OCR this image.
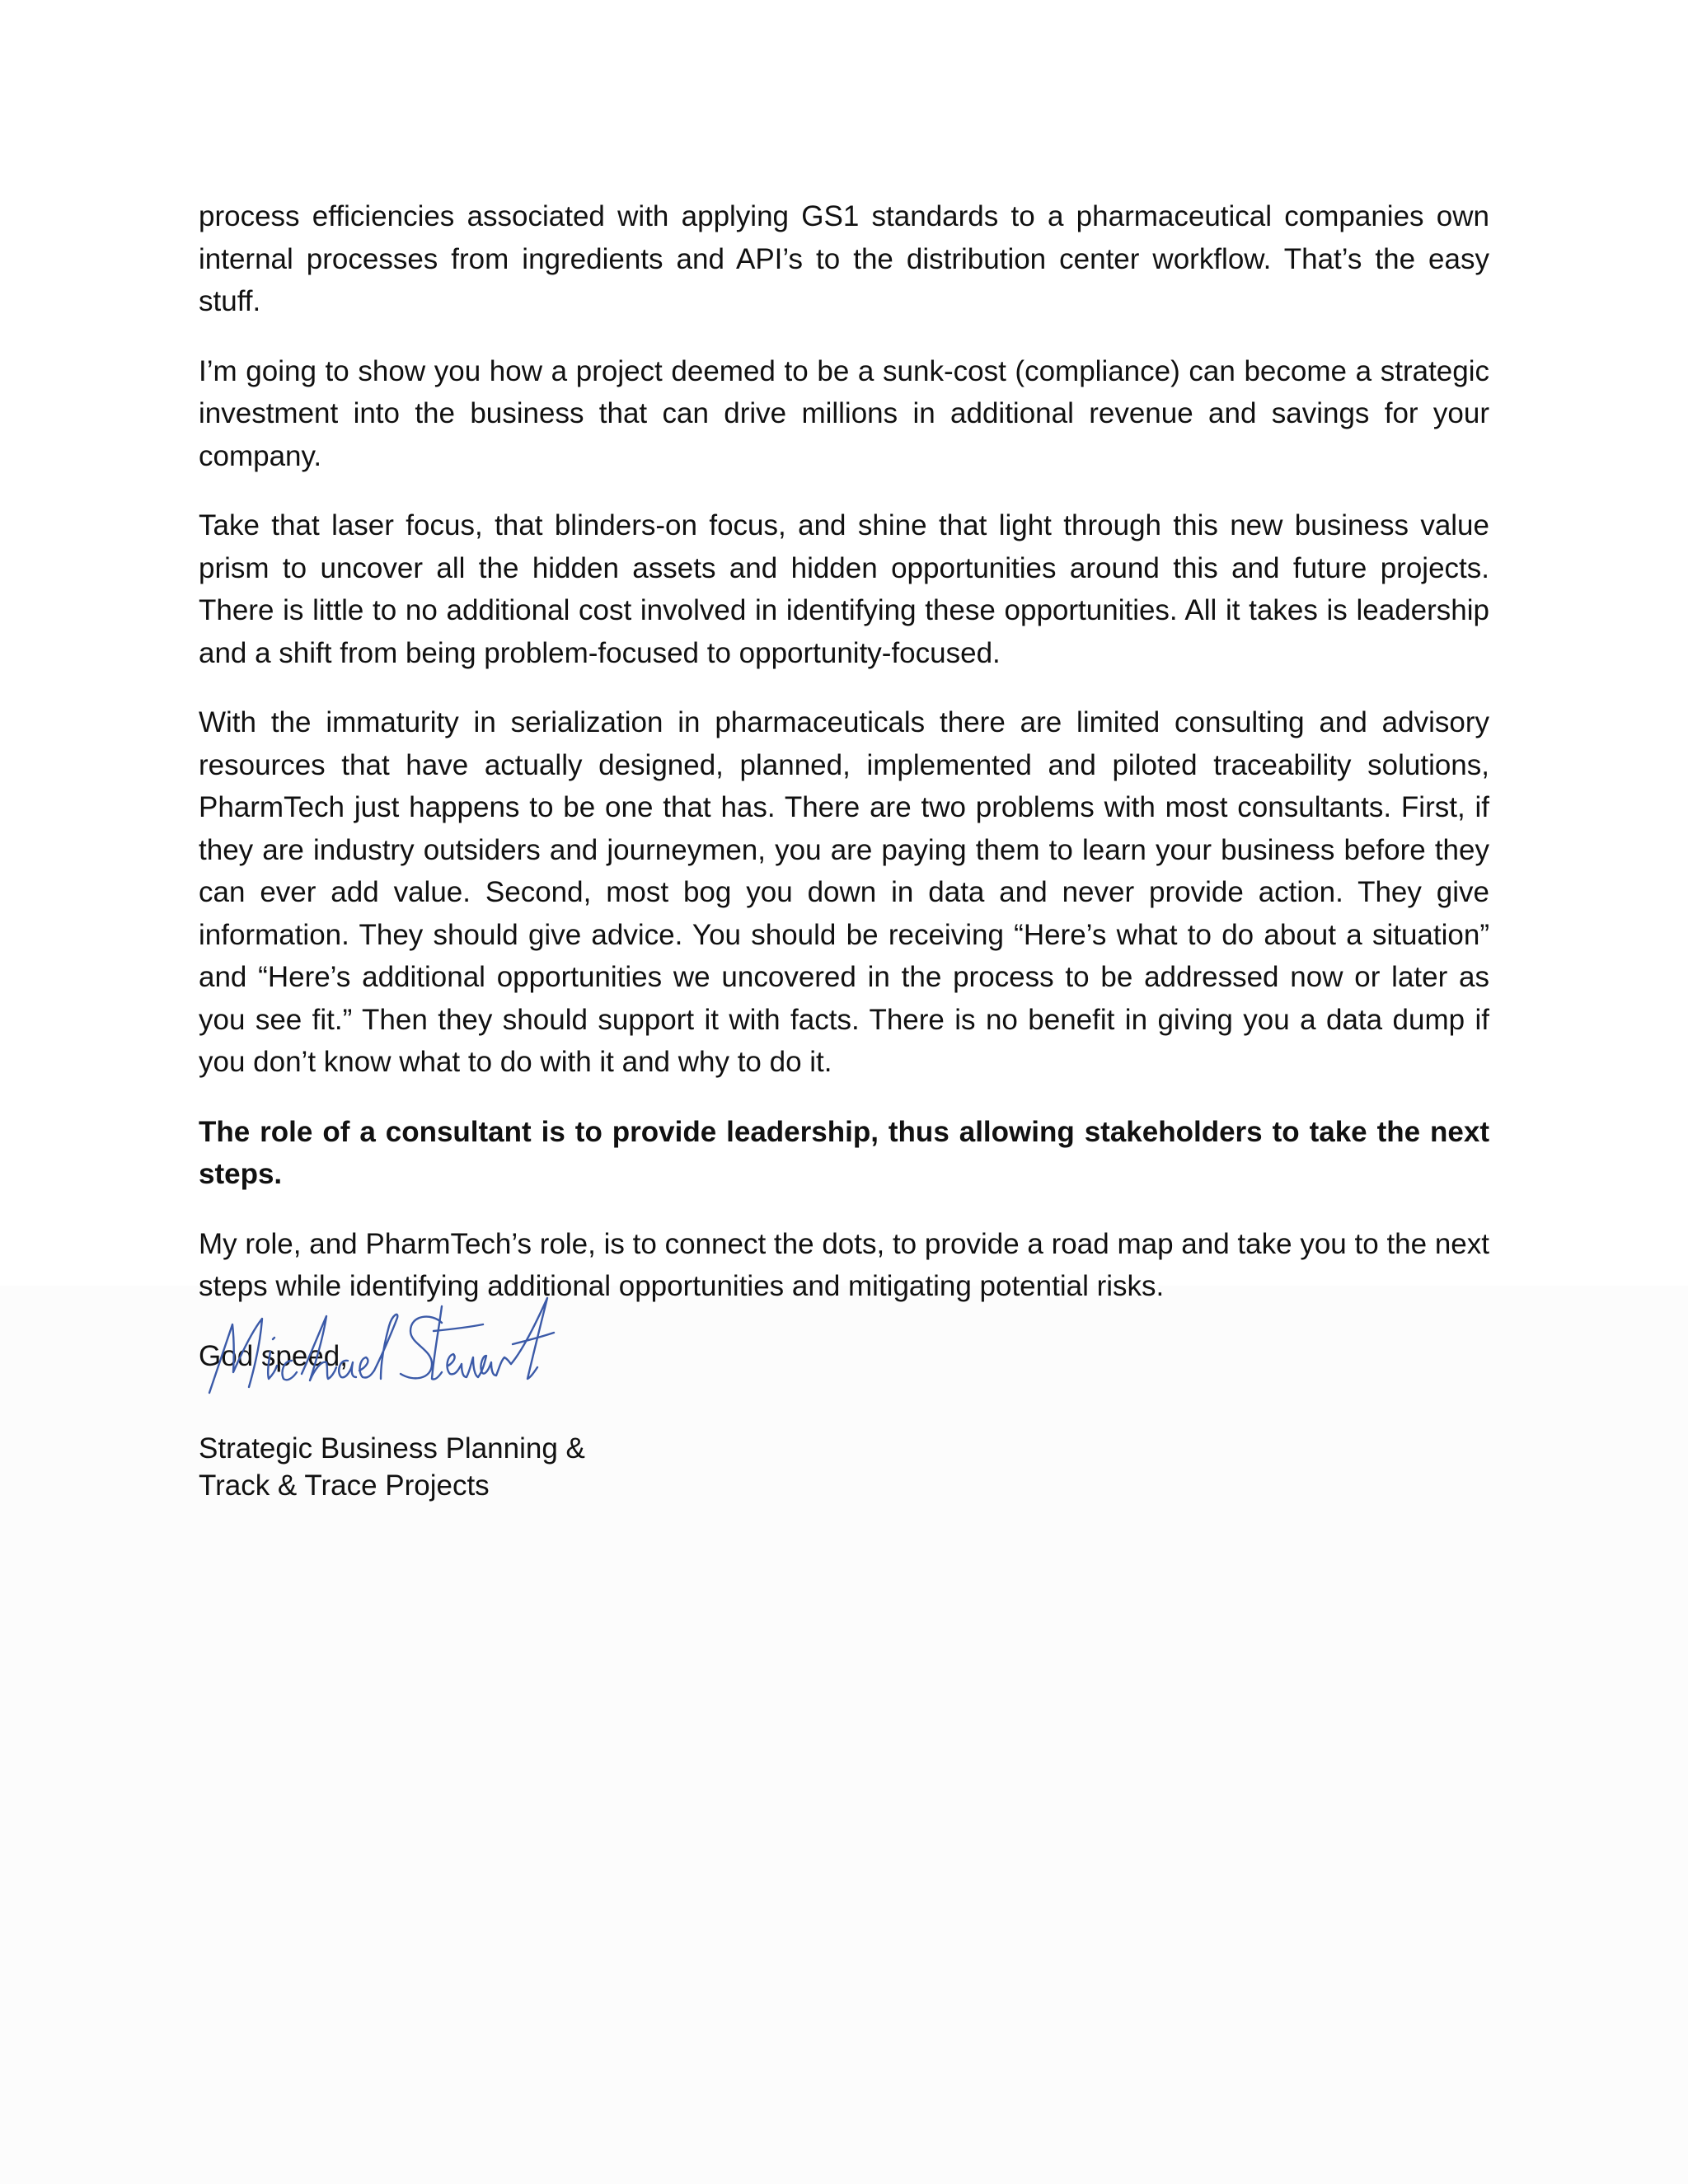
process efficiencies associated with applying GS1 standards to a pharmaceutical companies own internal processes from ingredients and API’s to the distribution center workflow. That’s the easy stuff.

I’m going to show you how a project deemed to be a sunk-cost (compliance) can become a strategic investment into the business that can drive millions in additional revenue and savings for your company.

Take that laser focus, that blinders-on focus, and shine that light through this new business value prism to uncover all the hidden assets and hidden opportunities around this and future projects. There is little to no additional cost involved in identifying these opportunities. All it takes is leadership and a shift from being problem-focused to opportunity-focused.

With the immaturity in serialization in pharmaceuticals there are limited consulting and advisory resources that have actually designed, planned, implemented and piloted traceability solutions, PharmTech just happens to be one that has. There are two problems with most consultants. First, if they are industry outsiders and journeymen, you are paying them to learn your business before they can ever add value. Second, most bog you down in data and never provide action. They give information. They should give advice. You should be receiving “Here’s what to do about a situation” and “Here’s additional opportunities we uncovered in the process to be addressed now or later as you see fit.” Then they should support it with facts. There is no benefit in giving you a data dump if you don’t know what to do with it and why to do it.

The role of a consultant is to provide leadership, thus allowing stakeholders to take the next steps.

My role, and PharmTech’s role, is to connect the dots, to provide a road map and take you to the next steps while identifying additional opportunities and mitigating potential risks.

God speed,

Strategic Business Planning &
Track & Trace Projects
